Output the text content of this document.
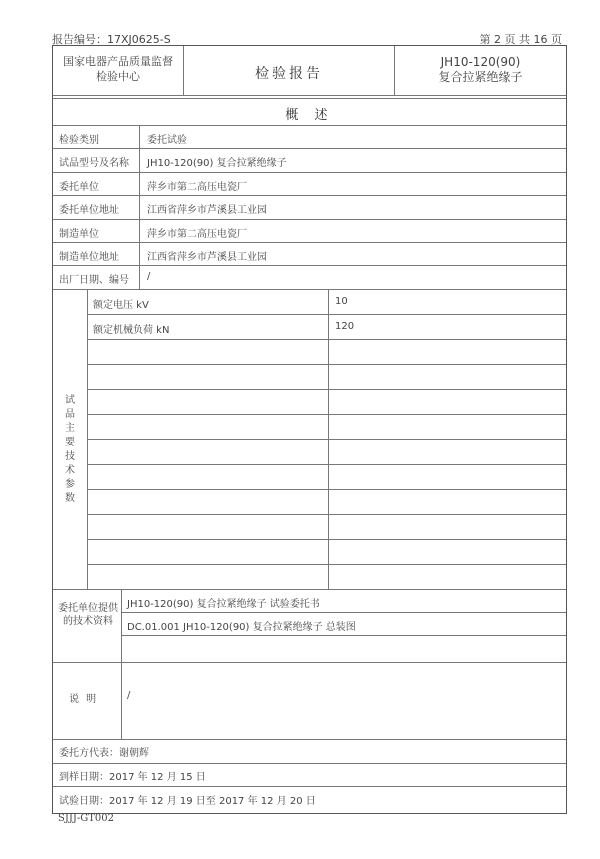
报告编号：17XJ0625-S	第 2 页 共 16 页
国家电器产品质量监督
检验中心	检验报告
JH10-120(90)
复合拉紧绝缘子
概 述
检验类别	委托试验
试品型号及名称 JH10-120(90) 复合拉紧绝缘子
委托单位	萍乡市第二高压电瓷厂
委托单位地址	江西省萍乡市芦溪县工业园
制造单位	萍乡市第二高压电瓷厂
制造单位地址	江西省萍乡市芦溪县工业园
出厂日期、编号 /
试
品
主
要
技
术
参
数
额定电压 kV	10
额定机械负荷 kN	120
委托单位提供的技术资料
JH10-120(90) 复合拉紧绝缘子 试验委托书
DC.01.001 JH10-120(90) 复合拉紧绝缘子 总装图
说 明	/
委托方代表：谢朝辉
到样日期：2017 年 12 月 15 日
试验日期：2017 年 12 月 19 日至 2017 年 12 月 20 日
SJJJ-GT002
